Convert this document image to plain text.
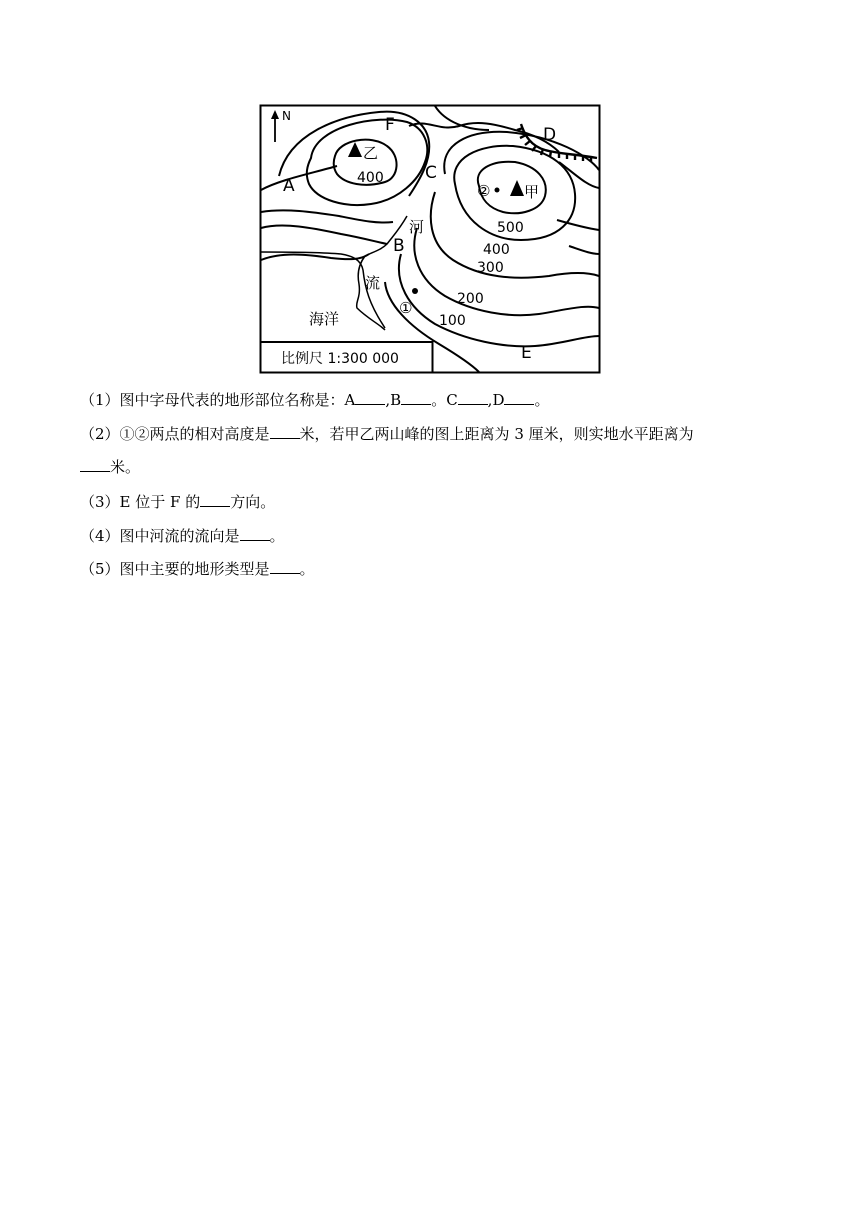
N	F	D
C
A
B
E
乙
甲
②
①
400
500
400
300
200
100
河
流
海洋
比例尺 1:300 000
（1）图中字母代表的地形部位名称是：A ,B 。C ,D 。
（2）①②两点的相对高度是 米，若甲乙两山峰的图上距离为 3 厘米，则实地水平距离为
米。
（3）E 位于 F 的 方向。
（4）图中河流的流向是 。
（5）图中主要的地形类型是 。
